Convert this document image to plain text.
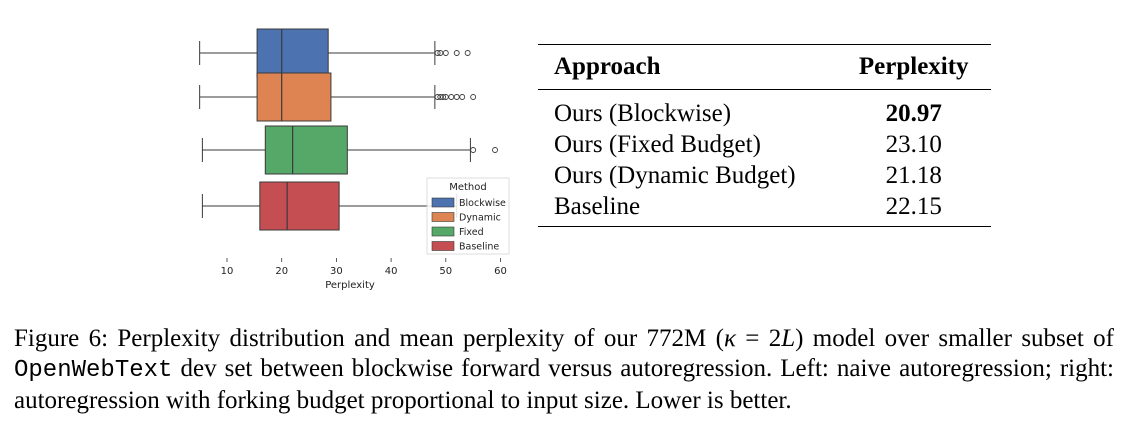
Method
Blockwise
Dynamic
Fixed
Baseline
10	20	30	40	50	60
Perplexity
Approach	Perplexity
Ours (Blockwise)	20.97
Ours (Fixed Budget)	23.10
Ours (Dynamic Budget)	21.18
Baseline	22.15
Figure 6: Perplexity distribution and mean perplexity of our 772M (κ = 2L) model over smaller subset of OpenWebText dev set between blockwise forward versus autoregression. Left: naive autoregression; right: autoregression with forking budget proportional to input size. Lower is better.
